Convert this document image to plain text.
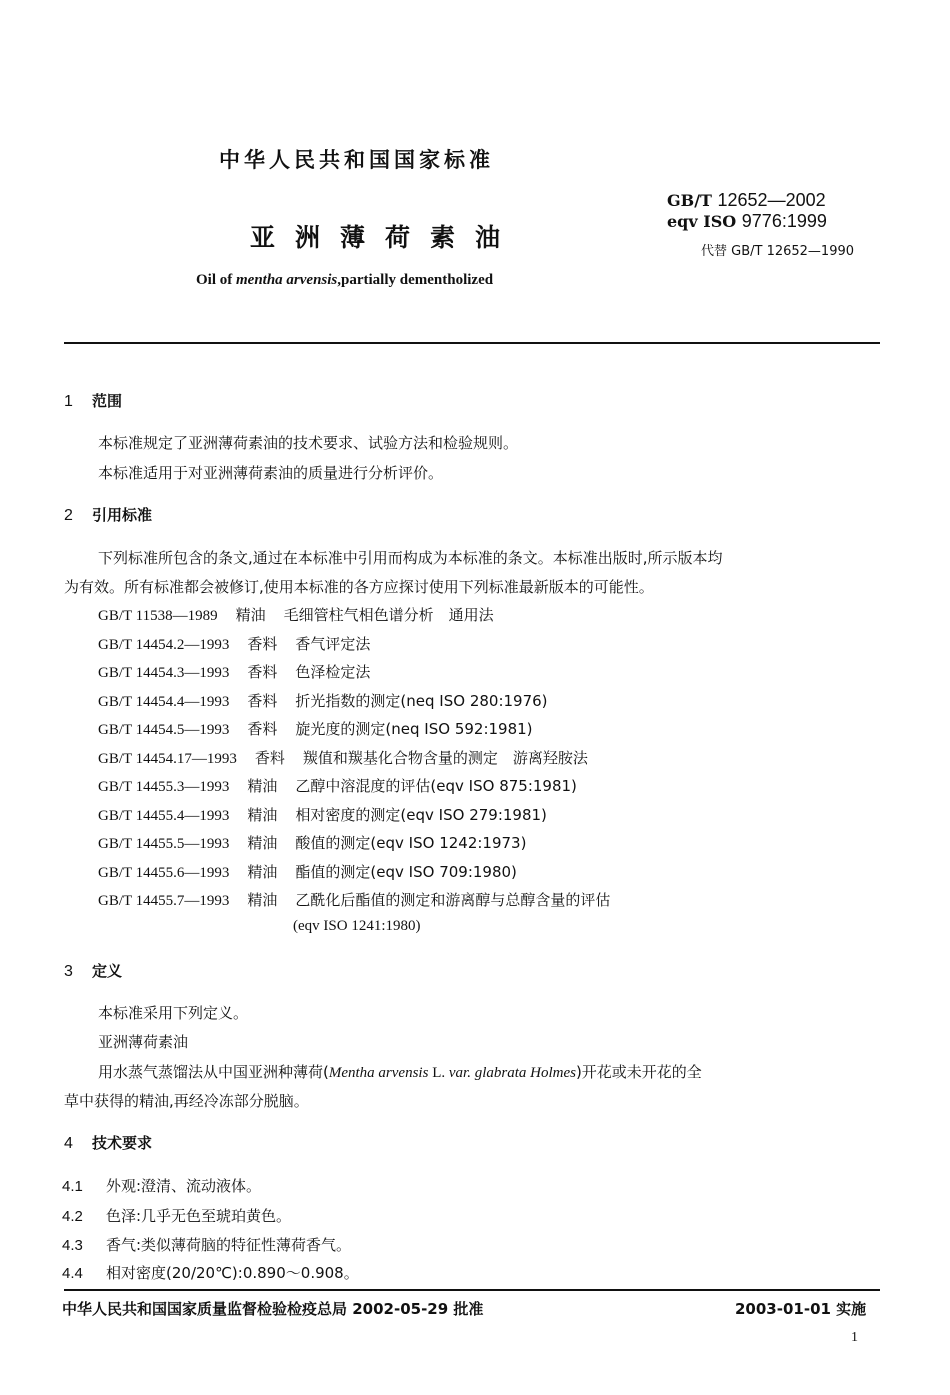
中华人民共和国国家标准
GB/T 12652—2002
eqv ISO 9776:1999
代替 GB/T 12652—1990
亚洲薄荷素油
Oil of mentha arvensis,partially dementholized
1 范围
本标准规定了亚洲薄荷素油的技术要求、试验方法和检验规则。
本标准适用于对亚洲薄荷素油的质量进行分析评价。
2 引用标准
下列标准所包含的条文,通过在本标准中引用而构成为本标准的条文。本标准出版时,所示版本均
为有效。所有标准都会被修订,使用本标准的各方应探讨使用下列标准最新版本的可能性。
GB/T 11538—1989 精油 毛细管柱气相色谱分析　通用法
GB/T 14454.2—1993 香料 香气评定法
GB/T 14454.3—1993 香料 色泽检定法
GB/T 14454.4—1993 香料 折光指数的测定(neq ISO 280:1976)
GB/T 14454.5—1993 香料 旋光度的测定(neq ISO 592:1981)
GB/T 14454.17—1993 香料 羰值和羰基化合物含量的测定　游离羟胺法
GB/T 14455.3—1993 精油 乙醇中溶混度的评估(eqv ISO 875:1981)
GB/T 14455.4—1993 精油 相对密度的测定(eqv ISO 279:1981)
GB/T 14455.5—1993 精油 酸值的测定(eqv ISO 1242:1973)
GB/T 14455.6—1993 精油 酯值的测定(eqv ISO 709:1980)
GB/T 14455.7—1993 精油 乙酰化后酯值的测定和游离醇与总醇含量的评估
(eqv ISO 1241:1980)
3 定义
本标准采用下列定义。
亚洲薄荷素油
用水蒸气蒸馏法从中国亚洲种薄荷(Mentha arvensis L. var. glabrata Holmes)开花或未开花的全
草中获得的精油,再经冷冻部分脱脑。
4 技术要求
4.1 外观:澄清、流动液体。
4.2 色泽:几乎无色至琥珀黄色。
4.3 香气:类似薄荷脑的特征性薄荷香气。
4.4 相对密度(20/20℃):0.890～0.908。
中华人民共和国国家质量监督检验检疫总局 2002-05-29 批准	2003-01-01 实施
1
